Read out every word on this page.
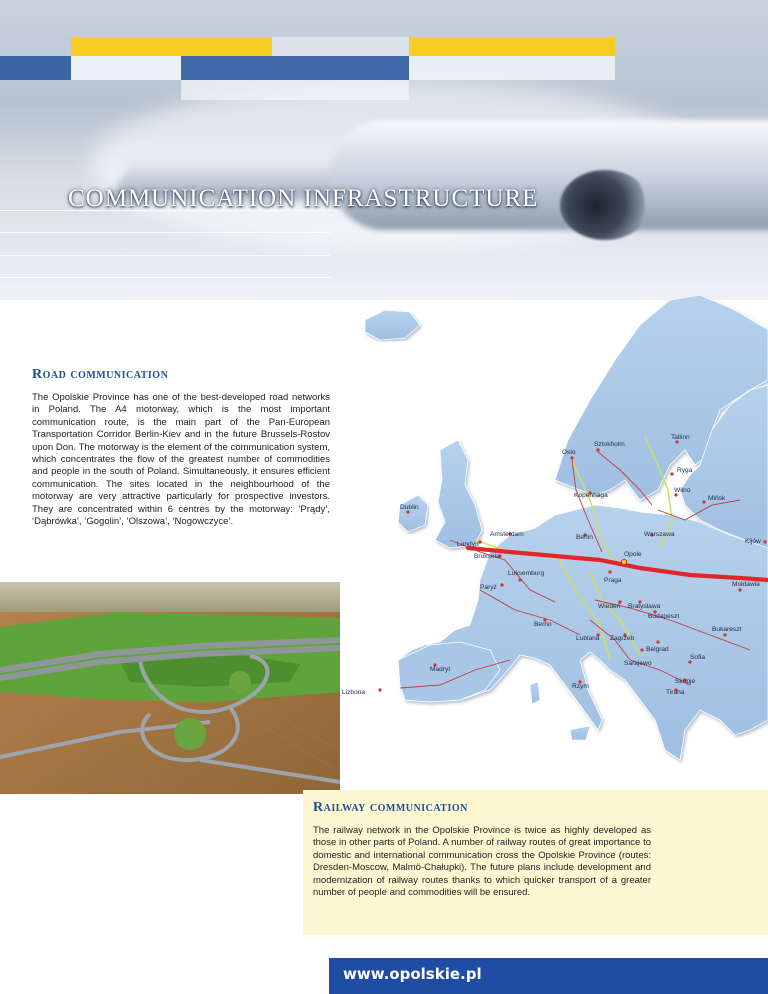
COMMUNICATION INFRASTRUCTURE
Road communication

The Opolskie Province has one of the best-developed road networks in Poland. The A4 motorway, which is the most important communication route, is the main part of the Pan-European Transportation Corridor Berlin-Kiev and in the future Brussels-Rostov upon Don. The motorway is the element of the communication system, which concentrates the flow of the greatest number of commodities and people in the south of Poland. Simultaneously, it ensures efficient communication. The sites located in the neighbourhood of the motorway are very attractive particularly for prospective investors. They are concentrated within 6 centres by the motorway: ‘Prądy’, ‘Dąbrówka’, ‘Gogolin’, ‘Olszowa’, ‘Nogowczyce’.

Oslo
Sztokholm
Tallinn
Ryga
Wilno
Mińsk
Kopenhaga
Dublin
Londyn
Amsterdam	Berlin	Warszawa
Kijów
Bruksela	Opole
Praga
Luksemburg
Paryż
Wiedeń Bratysława
Budapeszt
Mołdawia
Berno
Lublana Zagrzeb
Bukareszt
Belgrad
Sarajewo
Sofia
Skopje
Tirana
Rzym
Madryt
Lizbona
Railway communication

The railway network in the Opolskie Province is twice as highly developed as those in other parts of Poland. A number of railway routes of great importance to domestic and international communication cross the Opolskie Province (routes: Dresden-Moscow, Malmö-Chałupki). The future plans include development and modernization of railway routes thanks to which quicker transport of a greater number of people and commodities will be ensured.

www.opolskie.pl
